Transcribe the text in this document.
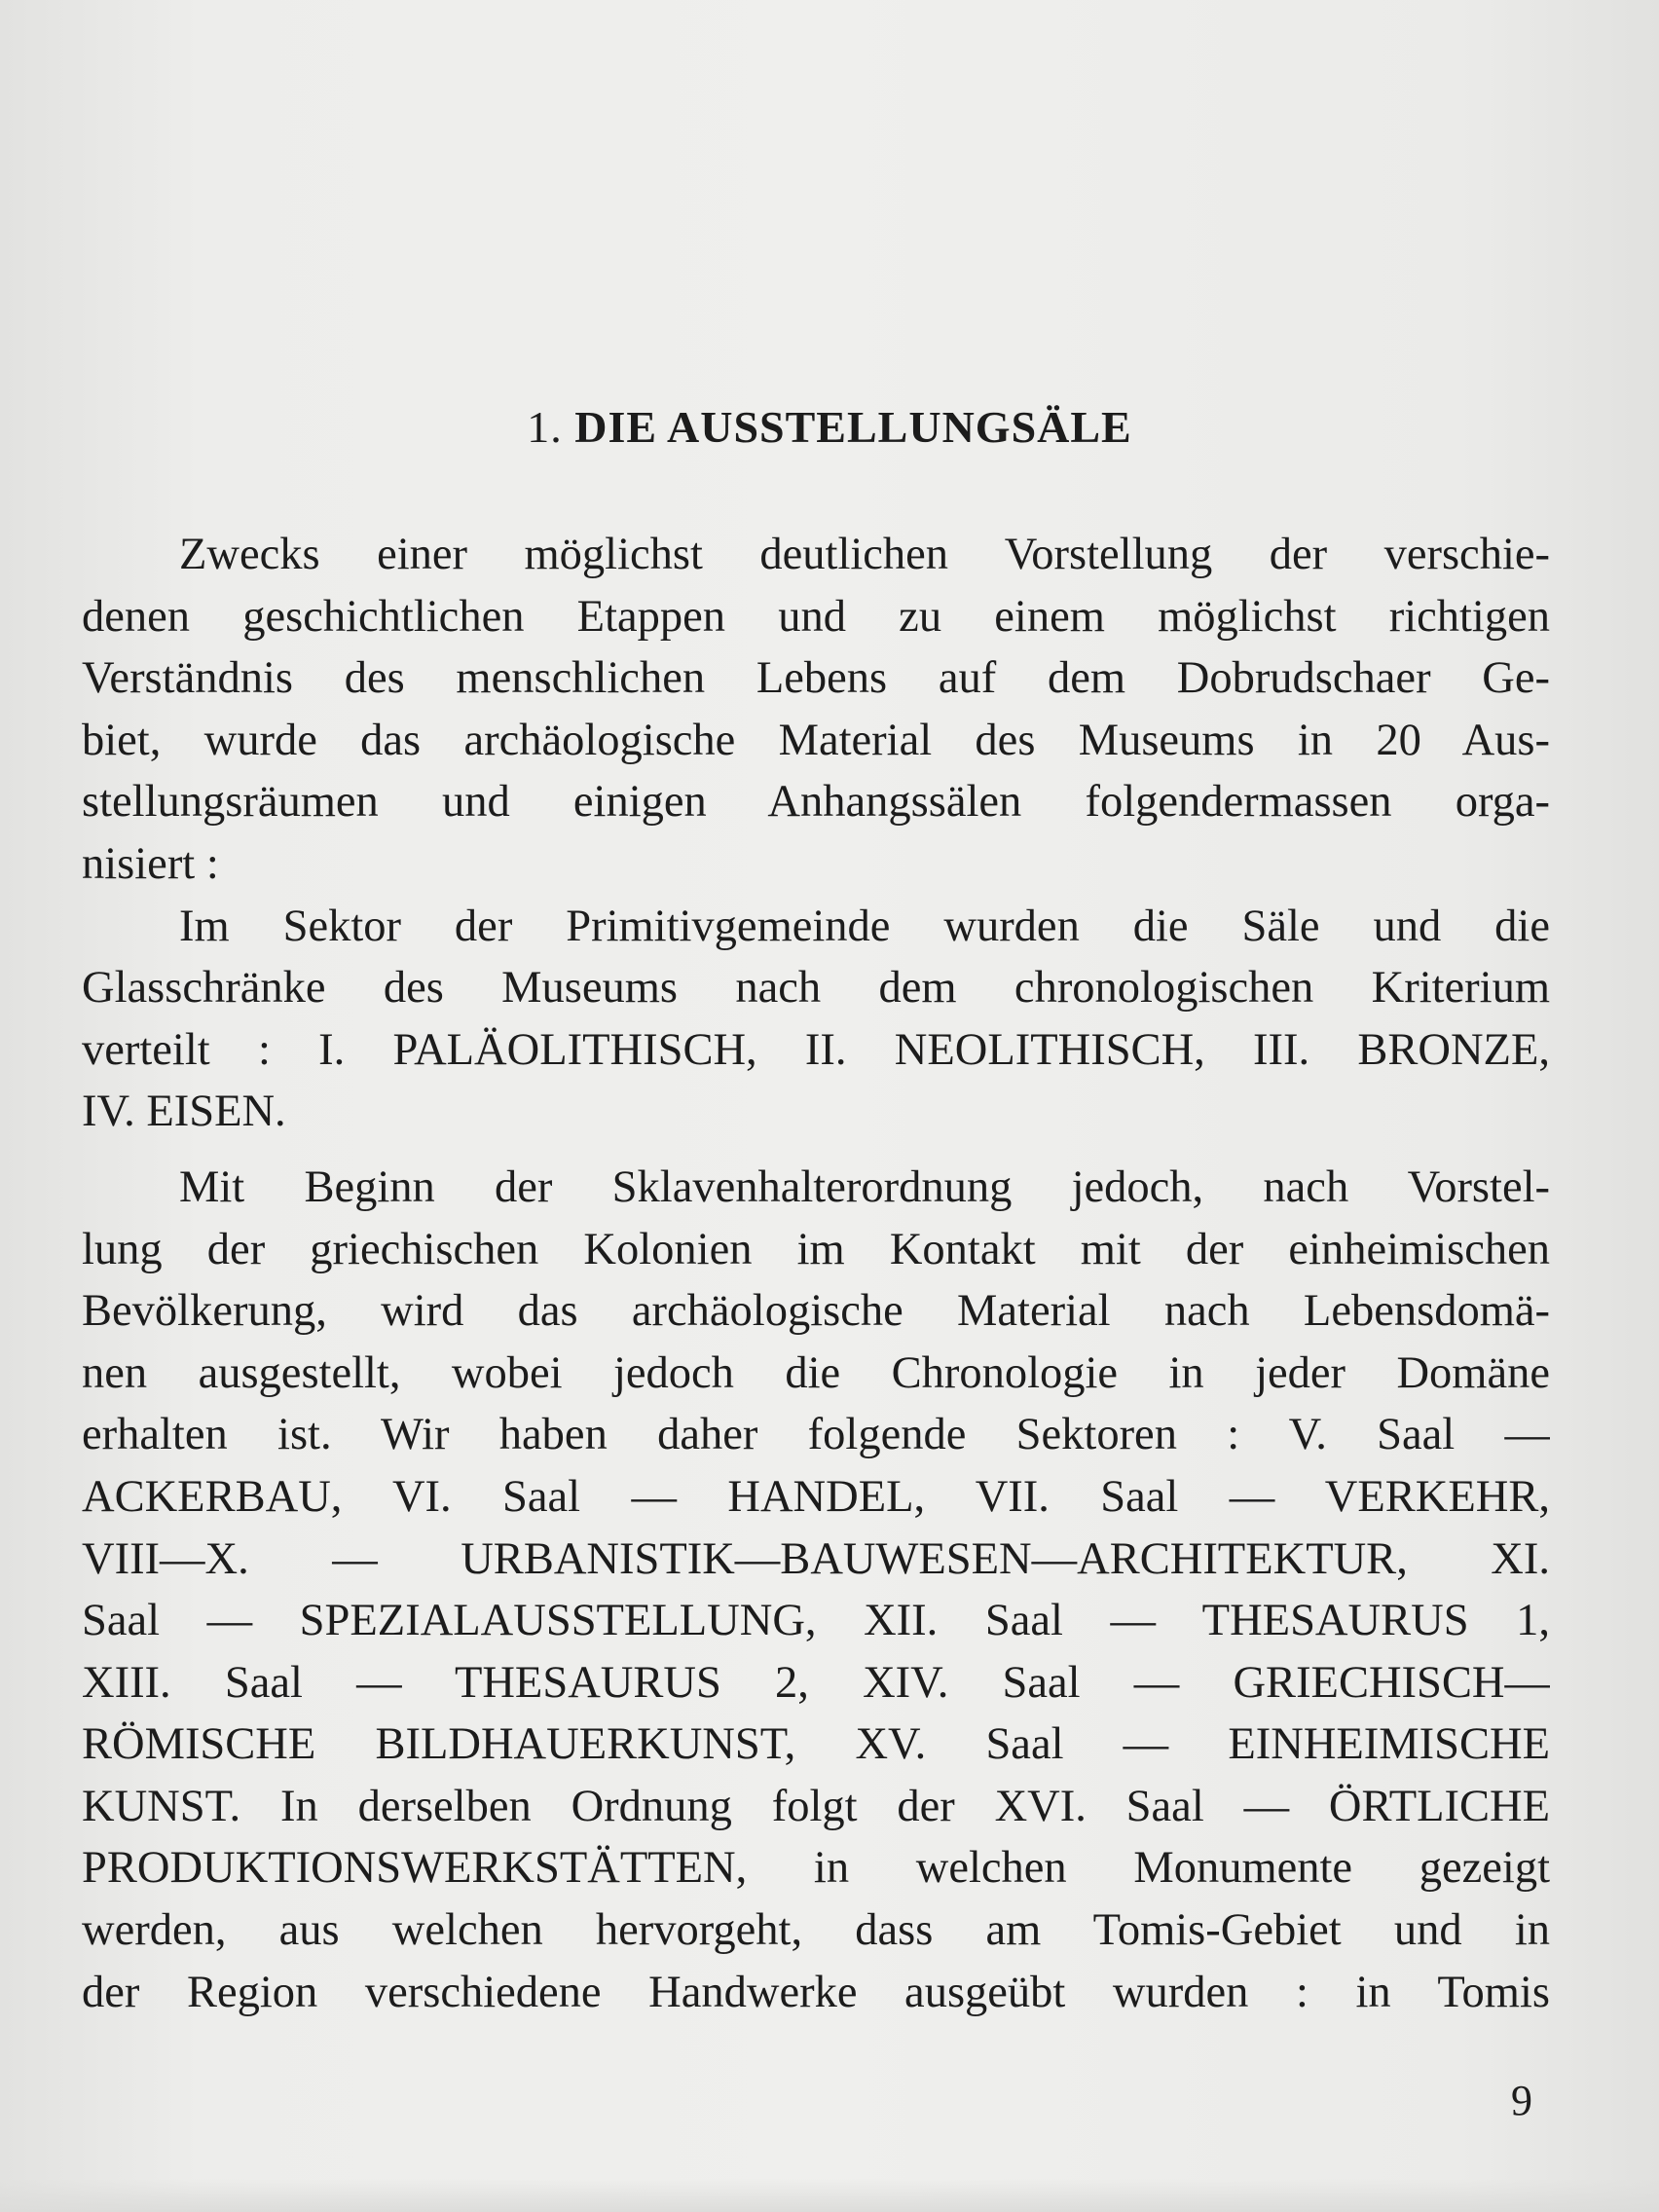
1. DIE AUSSTELLUNGSÄLE
Zwecks einer möglichst deutlichen Vorstellung der verschie-
denen geschichtlichen Etappen und zu einem möglichst richtigen
Verständnis des menschlichen Lebens auf dem Dobrudschaer Ge-
biet, wurde das archäologische Material des Museums in 20 Aus-
stellungsräumen und einigen Anhangssälen folgendermassen orga-
nisiert :
Im Sektor der Primitivgemeinde wurden die Säle und die
Glasschränke des Museums nach dem chronologischen Kriterium
verteilt : I. PALÄOLITHISCH, II. NEOLITHISCH, III. BRONZE,
IV. EISEN.
Mit Beginn der Sklavenhalterordnung jedoch, nach Vorstel-
lung der griechischen Kolonien im Kontakt mit der einheimischen
Bevölkerung, wird das archäologische Material nach Lebensdomä-
nen ausgestellt, wobei jedoch die Chronologie in jeder Domäne
erhalten ist. Wir haben daher folgende Sektoren : V. Saal —
ACKERBAU, VI. Saal — HANDEL, VII. Saal — VERKEHR,
VIII—X. — URBANISTIK—BAUWESEN—ARCHITEKTUR, XI.
Saal — SPEZIALAUSSTELLUNG, XII. Saal — THESAURUS 1,
XIII. Saal — THESAURUS 2, XIV. Saal — GRIECHISCH—
RÖMISCHE BILDHAUERKUNST, XV. Saal — EINHEIMISCHE
KUNST. In derselben Ordnung folgt der XVI. Saal — ÖRTLICHE
PRODUKTIONSWERKSTÄTTEN, in welchen Monumente gezeigt
werden, aus welchen hervorgeht, dass am Tomis-Gebiet und in
der Region verschiedene Handwerke ausgeübt wurden : in Tomis
9
